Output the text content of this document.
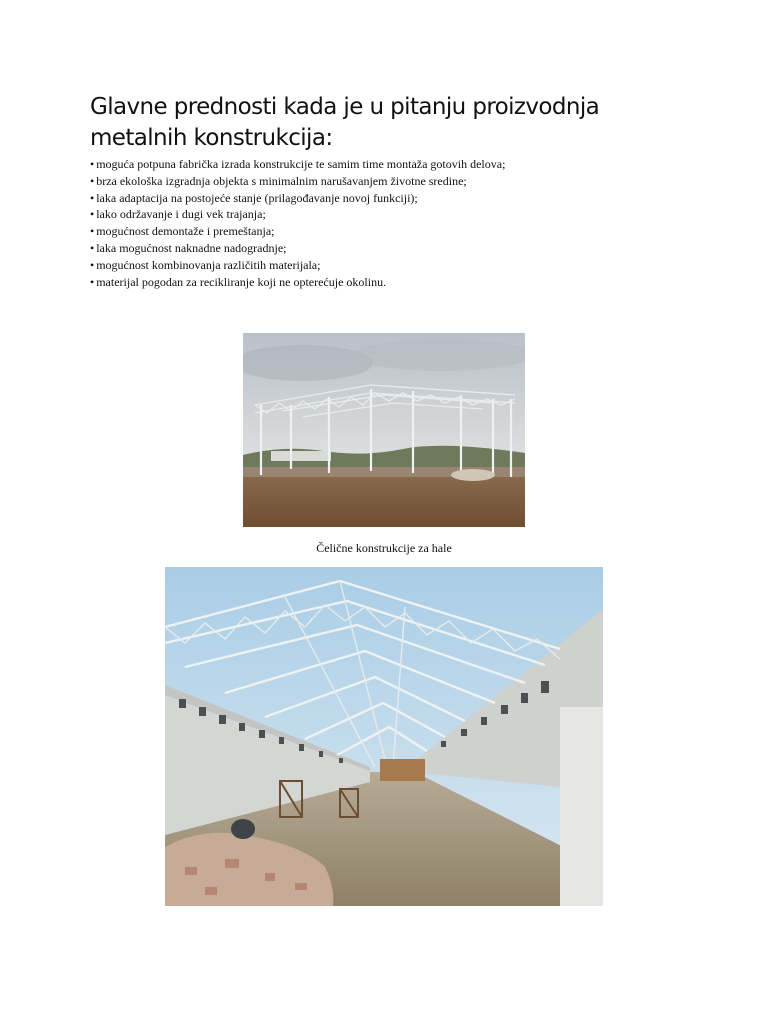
Glavne prednosti kada je u pitanju proizvodnja metalnih konstrukcija:
• moguća potpuna fabrička izrada konstrukcije te samim time montaža gotovih delova;
• brza ekološka izgradnja objekta s minimalnim narušavanjem životne sredine;
• laka adaptacija na postojeće stanje (prilagođavanje novoj funkciji);
• lako održavanje i dugi vek trajanja;
• mogućnost demontaže i premeštanja;
• laka mogućnost naknadne nadogradnje;
• mogućnost kombinovanja različitih materijala;
• materijal pogodan za recikliranje koji ne opterećuje okolinu.
Čelične konstrukcije za hale
